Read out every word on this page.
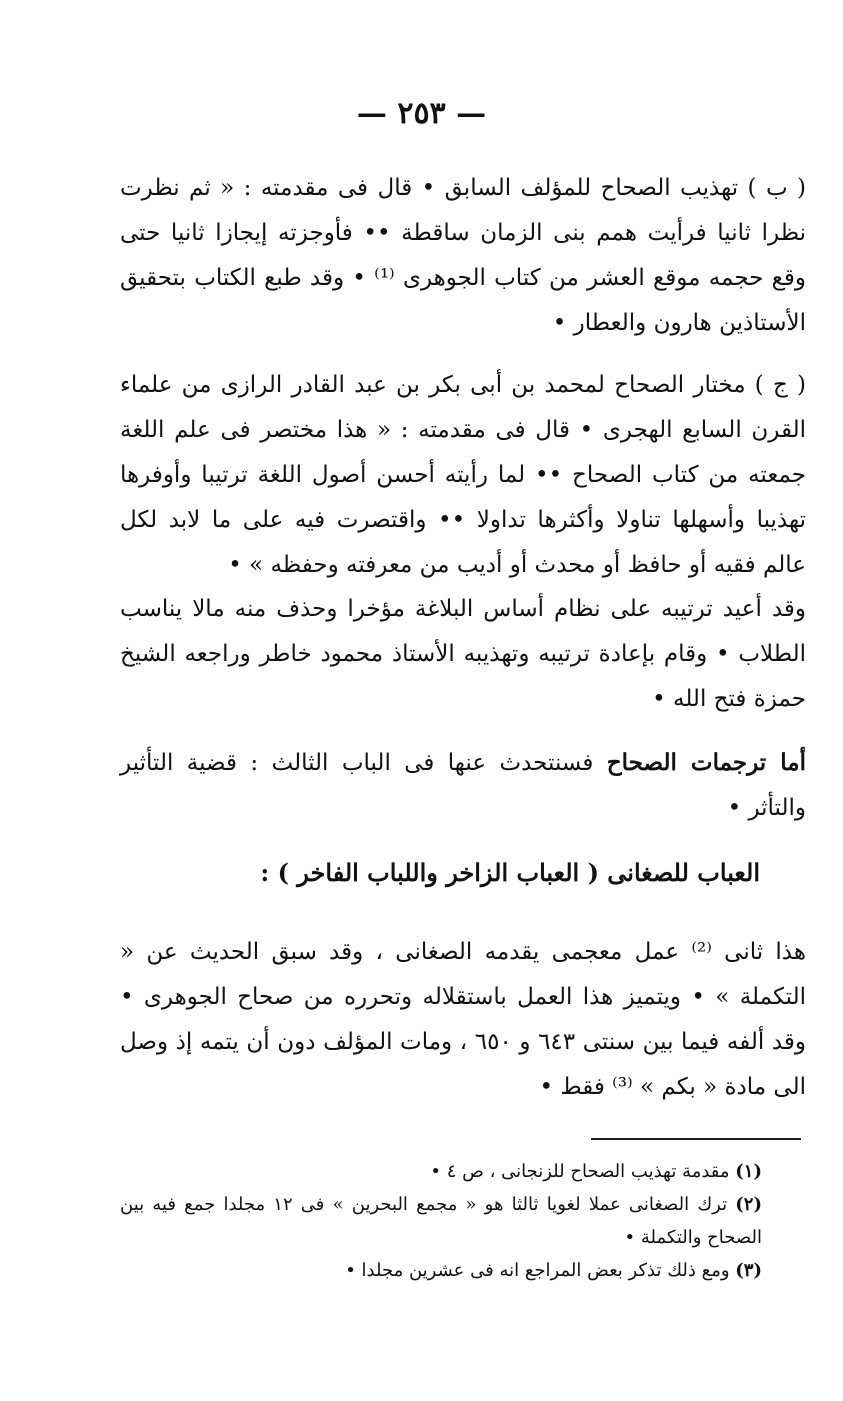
— ٢٥٣ —

( ب ) تهذيب الصحاح للمؤلف السابق • قال فى مقدمته : « ثم نظرت نظرا ثانيا فرأيت همم بنى الزمان ساقطة •• فأوجزته إيجازا ثانيا حتى وقع حجمه موقع العشر من كتاب الجوهرى ⁽¹⁾ • وقد طبع الكتاب بتحقيق الأستاذين هارون والعطار •

( ج ) مختار الصحاح لمحمد بن أبى بكر بن عبد القادر الرازى من علماء القرن السابع الهجرى • قال فى مقدمته : « هذا مختصر فى علم اللغة جمعته من كتاب الصحاح •• لما رأيته أحسن أصول اللغة ترتيبا وأوفرها تهذيبا وأسهلها تناولا وأكثرها تداولا •• واقتصرت فيه على ما لابد لكل عالم فقيه أو حافظ أو محدث أو أديب من معرفته وحفظه » •

وقد أعيد ترتيبه على نظام أساس البلاغة مؤخرا وحذف منه مالا يناسب الطلاب • وقام بإعادة ترتيبه وتهذيبه الأستاذ محمود خاطر وراجعه الشيخ حمزة فتح الله •

أما ترجمات الصحاح فسنتحدث عنها فى الباب الثالث : قضية التأثير والتأثر •

العباب للصغانى ( العباب الزاخر واللباب الفاخر ) :

هذا ثانى ⁽²⁾ عمل معجمى يقدمه الصغانى ، وقد سبق الحديث عن « التكملة » • ويتميز هذا العمل باستقلاله وتحرره من صحاح الجوهرى • وقد ألفه فيما بين سنتى ٦٤٣ و ٦٥٠ ، ومات المؤلف دون أن يتمه إذ وصل الى مادة « بكم » ⁽³⁾ فقط •

(١) مقدمة تهذيب الصحاح للزنجانى ، ص ٤ •

(٢) ترك الصغانى عملا لغويا ثالثا هو « مجمع البحرين » فى ١٢ مجلدا جمع فيه بين الصحاح والتكملة •

(٣) ومع ذلك تذكر بعض المراجع انه فى عشرين مجلدا •
